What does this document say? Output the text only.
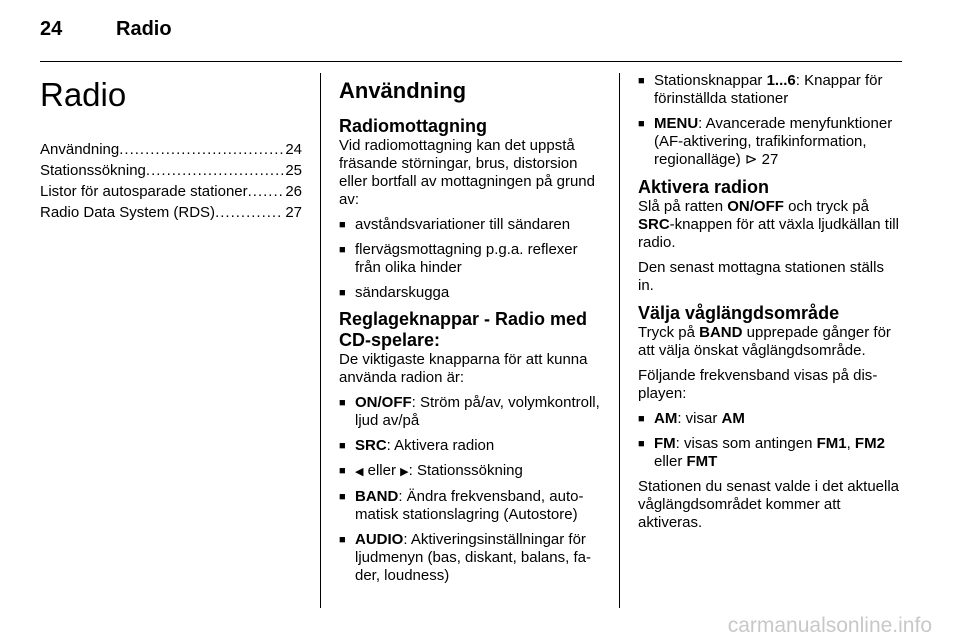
24	Radio
Radio
Användning .....	24
Stationssökning .....	25
Listor för autosparade stationer .....	26
Radio Data System (RDS) .....	27
Användning
Radiomottagning

Vid radiomottagning kan det uppstå fräsande störningar, brus, distorsion eller bortfall av mottagningen på grund av:

■ avståndsvariationer till sändaren
■ flervägsmottagning p.g.a. reflexer från olika hinder
■ sändarskugga
Reglageknappar - Radio med CD-spelare:

De viktigaste knapparna för att kunna använda radion är:

■ ON/OFF: Ström på/av, volymkontroll, ljud av/på
■ SRC: Aktivera radion
■ ◀ eller ▶: Stationssökning
■ BAND: Ändra frekvensband, automatisk stationslagring (Autostore)
■ AUDIO: Aktiveringsinställningar för ljudmenyn (bas, diskant, balans, fader, loudness)
■ Stationsknappar 1...6: Knappar för förinställda stationer
■ MENU: Avancerade menyfunktioner (AF-aktivering, trafikinformation, regionalläge) ⊳ 27
Aktivera radion

Slå på ratten ON/OFF och tryck på SRC-knappen för att växla ljudkällan till radio.

Den senast mottagna stationen ställs in.

Välja våglängdsområde

Tryck på BAND upprepade gånger för att välja önskat våglängdsområde.

Följande frekvensband visas på displayen:

■ AM: visar AM
■ FM: visas som antingen FM1, FM2 eller FMT

Stationen du senast valde i det aktuella våglängdsområdet kommer att aktiveras.

carmanualsonline.info
